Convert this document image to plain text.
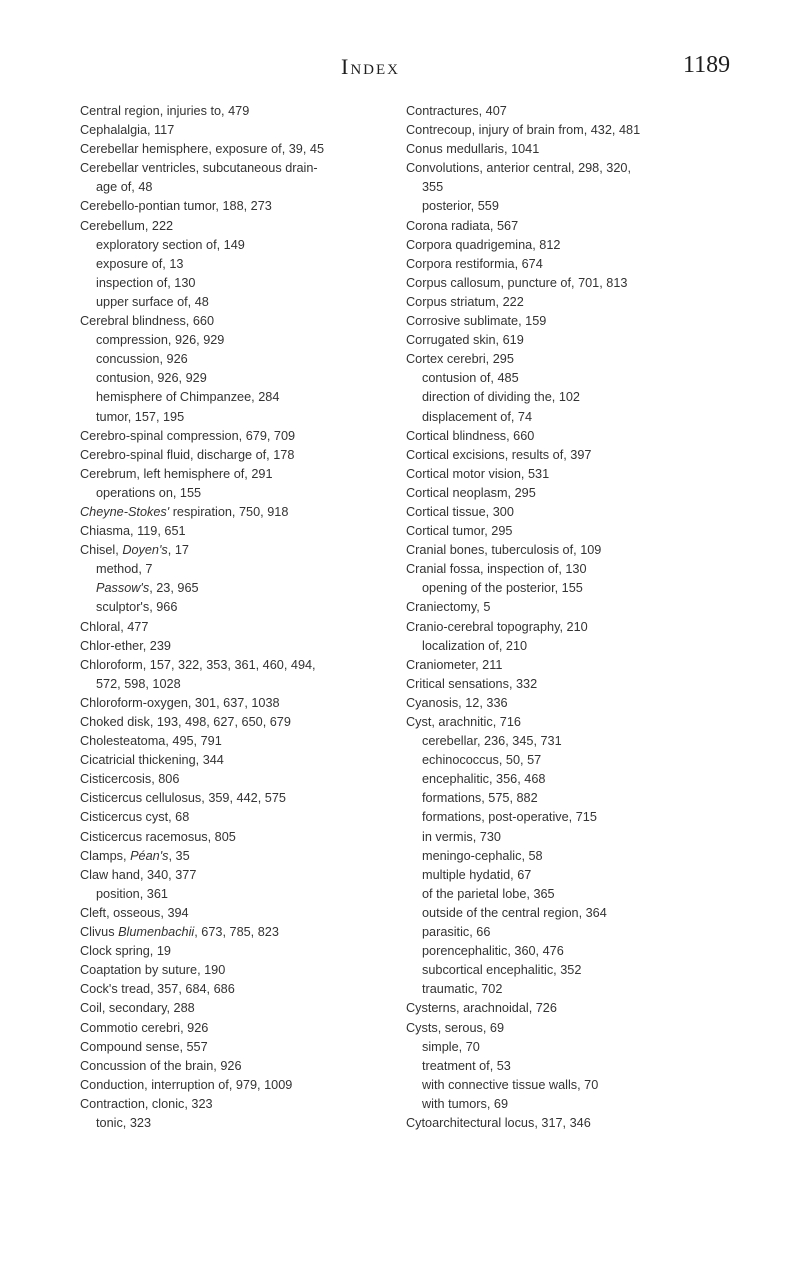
Index	1189
Central region, injuries to, 479
Cephalalgia, 117
Cerebellar hemisphere, exposure of, 39, 45
Cerebellar ventricles, subcutaneous drain-
age of, 48
Cerebello-pontian tumor, 188, 273
Cerebellum, 222
exploratory section of, 149
exposure of, 13
inspection of, 130
upper surface of, 48
Cerebral blindness, 660
compression, 926, 929
concussion, 926
contusion, 926, 929
hemisphere of Chimpanzee, 284
tumor, 157, 195
Cerebro-spinal compression, 679, 709
Cerebro-spinal fluid, discharge of, 178
Cerebrum, left hemisphere of, 291
operations on, 155
Cheyne-Stokes' respiration, 750, 918
Chiasma, 119, 651
Chisel, Doyen's, 17
method, 7
Passow's, 23, 965
sculptor's, 966
Chloral, 477
Chlor-ether, 239
Chloroform, 157, 322, 353, 361, 460, 494,
572, 598, 1028
Chloroform-oxygen, 301, 637, 1038
Choked disk, 193, 498, 627, 650, 679
Cholesteatoma, 495, 791
Cicatricial thickening, 344
Cisticercosis, 806
Cisticercus cellulosus, 359, 442, 575
Cisticercus cyst, 68
Cisticercus racemosus, 805
Clamps, Péan's, 35
Claw hand, 340, 377
position, 361
Cleft, osseous, 394
Clivus Blumenbachii, 673, 785, 823
Clock spring, 19
Coaptation by suture, 190
Cock's tread, 357, 684, 686
Coil, secondary, 288
Commotio cerebri, 926
Compound sense, 557
Concussion of the brain, 926
Conduction, interruption of, 979, 1009
Contraction, clonic, 323
tonic, 323
Contractures, 407
Contrecoup, injury of brain from, 432, 481
Conus medullaris, 1041
Convolutions, anterior central, 298, 320,
355
posterior, 559
Corona radiata, 567
Corpora quadrigemina, 812
Corpora restiformia, 674
Corpus callosum, puncture of, 701, 813
Corpus striatum, 222
Corrosive sublimate, 159
Corrugated skin, 619
Cortex cerebri, 295
contusion of, 485
direction of dividing the, 102
displacement of, 74
Cortical blindness, 660
Cortical excisions, results of, 397
Cortical motor vision, 531
Cortical neoplasm, 295
Cortical tissue, 300
Cortical tumor, 295
Cranial bones, tuberculosis of, 109
Cranial fossa, inspection of, 130
opening of the posterior, 155
Craniectomy, 5
Cranio-cerebral topography, 210
localization of, 210
Craniometer, 211
Critical sensations, 332
Cyanosis, 12, 336
Cyst, arachnitic, 716
cerebellar, 236, 345, 731
echinococcus, 50, 57
encephalitic, 356, 468
formations, 575, 882
formations, post-operative, 715
in vermis, 730
meningo-cephalic, 58
multiple hydatid, 67
of the parietal lobe, 365
outside of the central region, 364
parasitic, 66
porencephalitic, 360, 476
subcortical encephalitic, 352
traumatic, 702
Cysterns, arachnoidal, 726
Cysts, serous, 69
simple, 70
treatment of, 53
with connective tissue walls, 70
with tumors, 69
Cytoarchitectural locus, 317, 346
